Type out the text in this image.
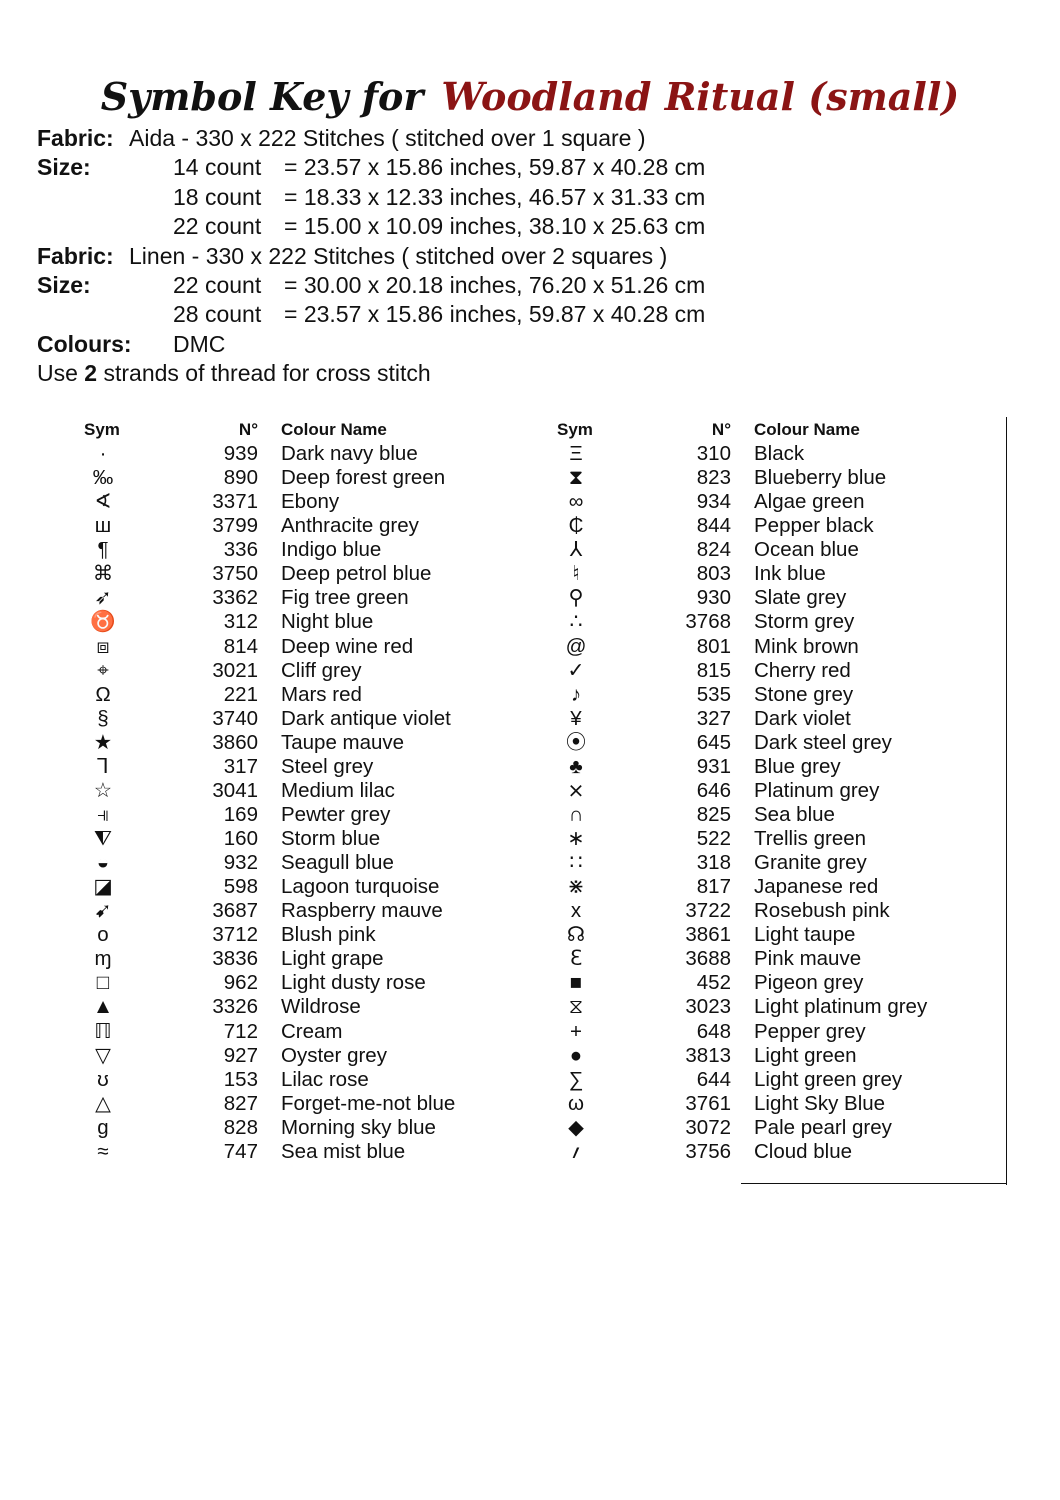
Symbol Key for Woodland Ritual (small)
Fabric: Aida - 330 x 222 Stitches ( stitched over 1 square )
Size:	14 count = 23.57 x 15.86 inches, 59.87 x 40.28 cm
18 count = 18.33 x 12.33 inches, 46.57 x 31.33 cm
22 count = 15.00 x 10.09 inches, 38.10 x 25.63 cm
Fabric: Linen - 330 x 222 Stitches ( stitched over 2 squares )
Size:	22 count = 30.00 x 20.18 inches, 76.20 x 51.26 cm
28 count = 23.57 x 15.86 inches, 59.87 x 40.28 cm
Colours: DMC
Use 2 strands of thread for cross stitch
Sym	N° Colour Name
·	939 Dark navy blue
‰	890 Deep forest green
∢	3371 Ebony
ш	3799 Anthracite grey
¶	336 Indigo blue
⌘	3750 Deep petrol blue
➶	3362 Fig tree green
♉	312 Night blue
⧈	814 Deep wine red
⌖	3021 Cliff grey
Ω	221 Mars red
§	3740 Dark antique violet
★	3860 Taupe mauve
⅂	317 Steel grey
☆	3041 Medium lilac
⫣	169 Pewter grey
⧨	160 Storm blue
◒	932 Seagull blue
◪	598 Lagoon turquoise
➹	3687 Raspberry mauve
o	3712 Blush pink
ɱ	3836 Light grape
□	962 Light dusty rose
▲	3326 Wildrose
ℿ	712 Cream
▽	927 Oyster grey
ʊ	153 Lilac rose
△	827 Forget-me-not blue
g	828 Morning sky blue
≈	747 Sea mist blue
Sym	N° Colour Name
Ξ	310 Black
⧗	823 Blueberry blue
∞	934 Algae green
₵	844 Pepper black
⅄	824 Ocean blue
♮	803 Ink blue
⚲	930 Slate grey
∴	3768 Storm grey
@	801 Mink brown
✓	815 Cherry red
♪	535 Stone grey
¥	327 Dark violet
⦿	645 Dark steel grey
♣	931 Blue grey
⨯	646 Platinum grey
∩	825 Sea blue
∗	522 Trellis green
∷	318 Granite grey
⋇	817 Japanese red
x	3722 Rosebush pink
☊	3861 Light taupe
ℇ	3688 Pink mauve
■	452 Pigeon grey
⧖	3023 Light platinum grey
+	648 Pepper grey
●	3813 Light green
∑	644 Light green grey
ω	3761 Light Sky Blue
◆	3072 Pale pearl grey
؍	3756 Cloud blue
